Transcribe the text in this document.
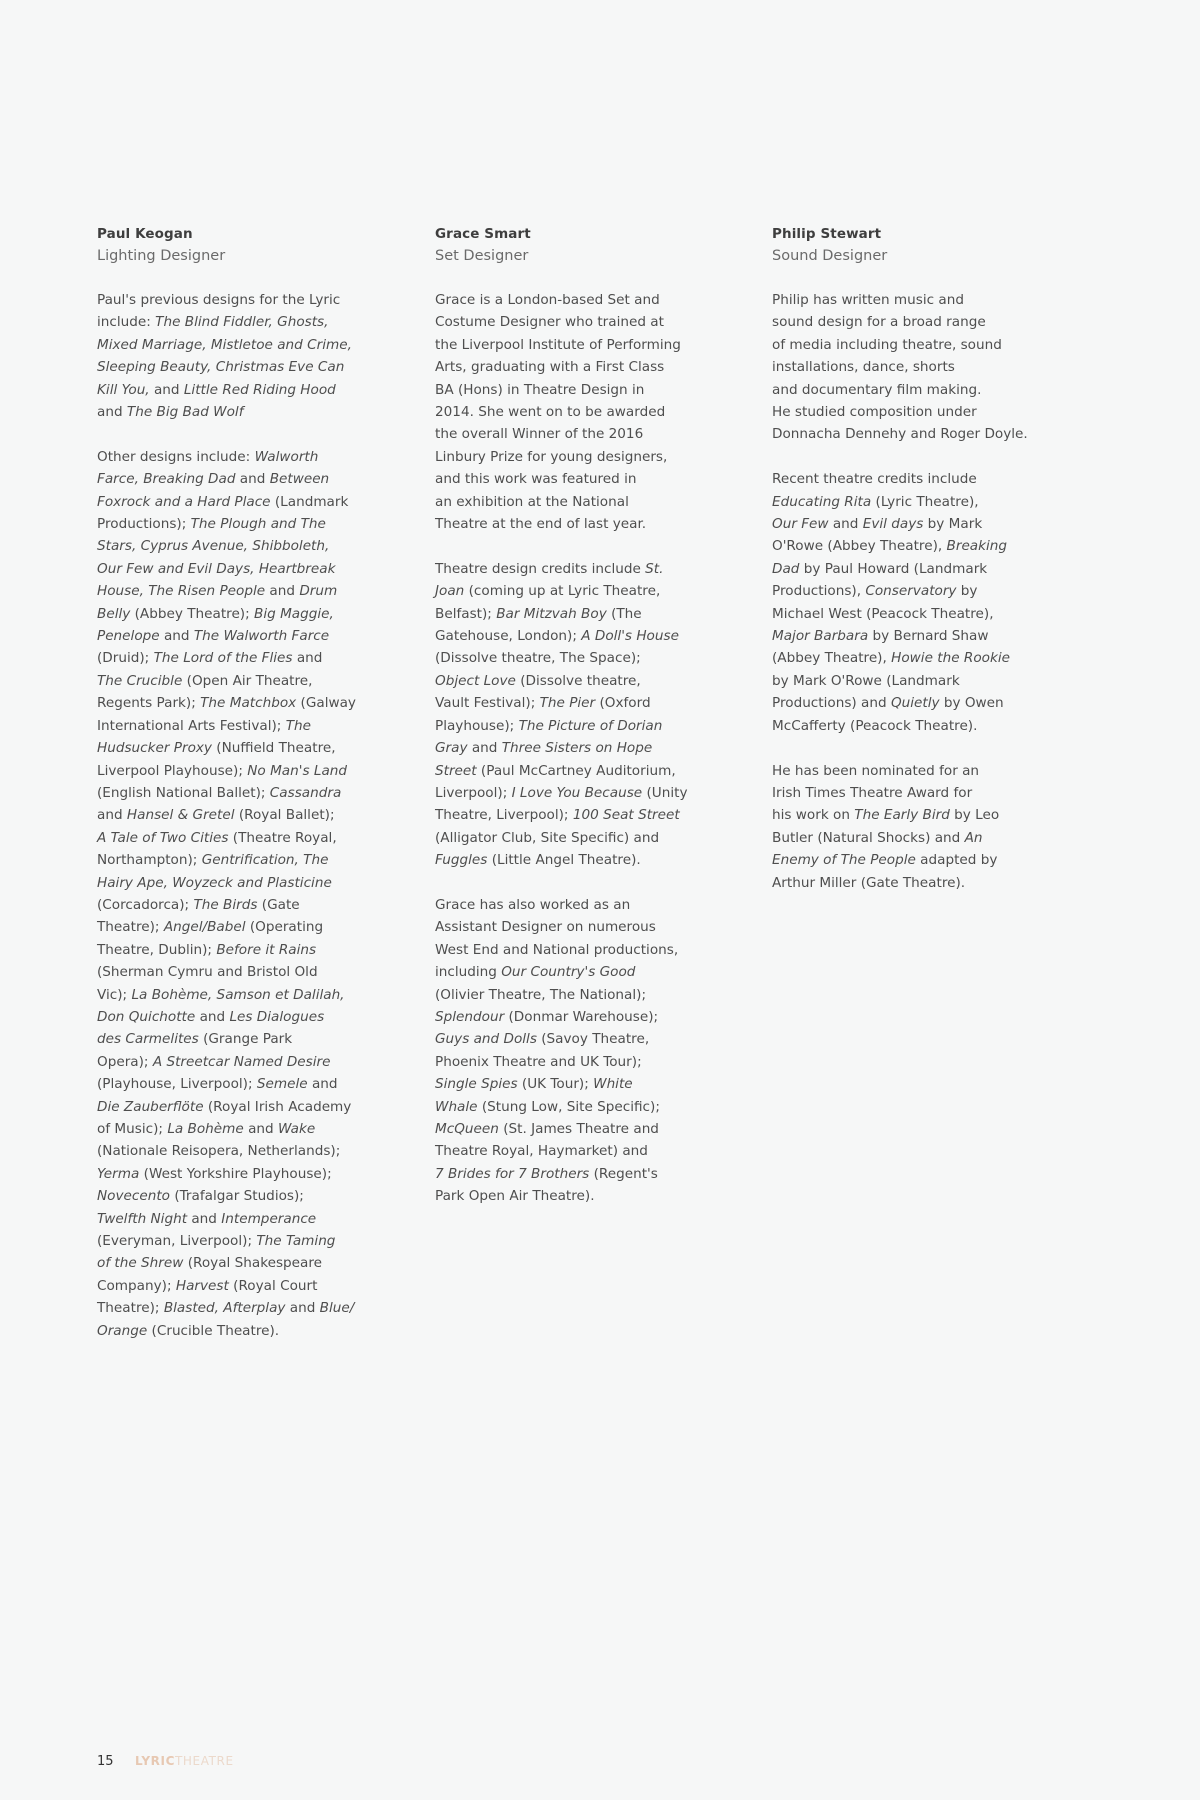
Paul Keogan

Lighting Designer

Paul's previous designs for the Lyric
include: The Blind Fiddler, Ghosts,
Mixed Marriage, Mistletoe and Crime,
Sleeping Beauty, Christmas Eve Can
Kill You, and Little Red Riding Hood
and The Big Bad Wolf

Other designs include: Walworth
Farce, Breaking Dad and Between
Foxrock and a Hard Place (Landmark
Productions); The Plough and The
Stars, Cyprus Avenue, Shibboleth,
Our Few and Evil Days, Heartbreak
House, The Risen People and Drum
Belly (Abbey Theatre); Big Maggie,
Penelope and The Walworth Farce
(Druid); The Lord of the Flies and
The Crucible (Open Air Theatre,
Regents Park); The Matchbox (Galway
International Arts Festival); The
Hudsucker Proxy (Nuffield Theatre,
Liverpool Playhouse); No Man's Land
(English National Ballet); Cassandra
and Hansel & Gretel (Royal Ballet);
A Tale of Two Cities (Theatre Royal,
Northampton); Gentrification, The
Hairy Ape, Woyzeck and Plasticine
(Corcadorca); The Birds (Gate
Theatre); Angel/Babel (Operating
Theatre, Dublin); Before it Rains
(Sherman Cymru and Bristol Old
Vic); La Bohème, Samson et Dalilah,
Don Quichotte and Les Dialogues
des Carmelites (Grange Park
Opera); A Streetcar Named Desire
(Playhouse, Liverpool); Semele and
Die Zauberflöte (Royal Irish Academy
of Music); La Bohème and Wake
(Nationale Reisopera, Netherlands);
Yerma (West Yorkshire Playhouse);
Novecento (Trafalgar Studios);
Twelfth Night and Intemperance
(Everyman, Liverpool); The Taming
of the Shrew (Royal Shakespeare
Company); Harvest (Royal Court
Theatre); Blasted, Afterplay and Blue/
Orange (Crucible Theatre).

Grace Smart

Set Designer

Grace is a London-based Set and
Costume Designer who trained at
the Liverpool Institute of Performing
Arts, graduating with a First Class
BA (Hons) in Theatre Design in
2014. She went on to be awarded
the overall Winner of the 2016
Linbury Prize for young designers,
and this work was featured in
an exhibition at the National
Theatre at the end of last year.

Theatre design credits include St.
Joan (coming up at Lyric Theatre,
Belfast); Bar Mitzvah Boy (The
Gatehouse, London); A Doll's House
(Dissolve theatre, The Space);
Object Love (Dissolve theatre,
Vault Festival); The Pier (Oxford
Playhouse); The Picture of Dorian
Gray and Three Sisters on Hope
Street (Paul McCartney Auditorium,
Liverpool); I Love You Because (Unity
Theatre, Liverpool); 100 Seat Street
(Alligator Club, Site Specific) and
Fuggles (Little Angel Theatre).

Grace has also worked as an
Assistant Designer on numerous
West End and National productions,
including Our Country's Good
(Olivier Theatre, The National);
Splendour (Donmar Warehouse);
Guys and Dolls (Savoy Theatre,
Phoenix Theatre and UK Tour);
Single Spies (UK Tour); White
Whale (Stung Low, Site Specific);
McQueen (St. James Theatre and
Theatre Royal, Haymarket) and
7 Brides for 7 Brothers (Regent's
Park Open Air Theatre).

Philip Stewart

Sound Designer

Philip has written music and
sound design for a broad range
of media including theatre, sound
installations, dance, shorts
and documentary film making.
He studied composition under
Donnacha Dennehy and Roger Doyle.

Recent theatre credits include
Educating Rita (Lyric Theatre),
Our Few and Evil days by Mark
O'Rowe (Abbey Theatre), Breaking
Dad by Paul Howard (Landmark
Productions), Conservatory by
Michael West (Peacock Theatre),
Major Barbara by Bernard Shaw
(Abbey Theatre), Howie the Rookie
by Mark O'Rowe (Landmark
Productions) and Quietly by Owen
McCafferty (Peacock Theatre).

He has been nominated for an
Irish Times Theatre Award for
his work on The Early Bird by Leo
Butler (Natural Shocks) and An
Enemy of The People adapted by
Arthur Miller (Gate Theatre).

15 LYRICTHEATRE
